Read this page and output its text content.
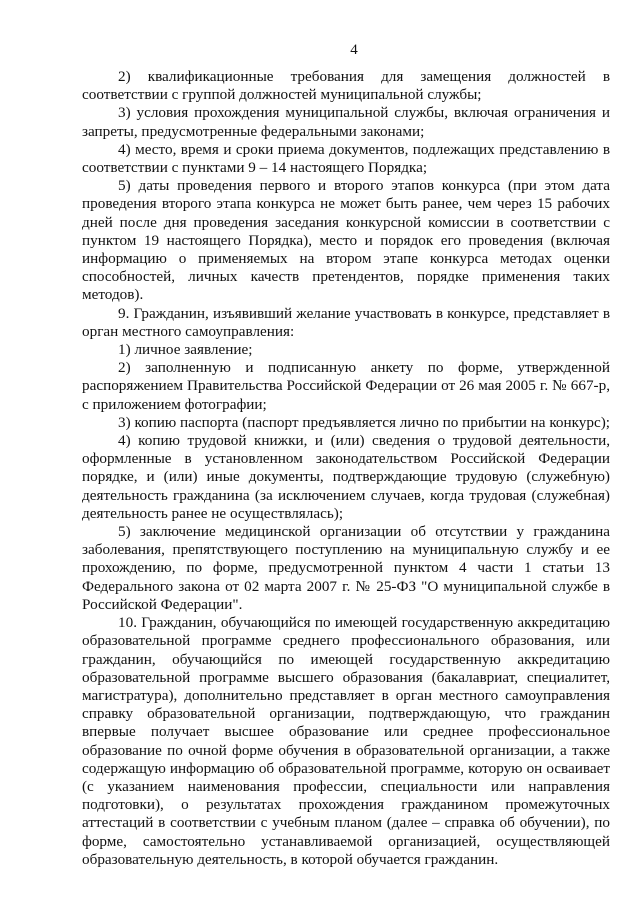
4

2) квалификационные требования для замещения должностей в соответствии с группой должностей муниципальной службы;

3) условия прохождения муниципальной службы, включая ограничения и запреты, предусмотренные федеральными законами;

4) место, время и сроки приема документов, подлежащих представлению в соответствии с пунктами 9 – 14 настоящего Порядка;

5) даты проведения первого и второго этапов конкурса (при этом дата проведения второго этапа конкурса не может быть ранее, чем через 15 рабочих дней после дня проведения заседания конкурсной комиссии в соответствии с пунктом 19 настоящего Порядка), место и порядок его проведения (включая информацию о применяемых на втором этапе конкурса методах оценки способностей, личных качеств претендентов, порядке применения таких методов).

9. Гражданин, изъявивший желание участвовать в конкурсе, представляет в орган местного самоуправления:

1) личное заявление;

2) заполненную и подписанную анкету по форме, утвержденной распоряжением Правительства Российской Федерации от 26 мая 2005 г. № 667-р, с приложением фотографии;

3) копию паспорта (паспорт предъявляется лично по прибытии на конкурс);

4) копию трудовой книжки, и (или) сведения о трудовой деятельности, оформленные в установленном законодательством Российской Федерации порядке, и (или) иные документы, подтверждающие трудовую (служебную) деятельность гражданина (за исключением случаев, когда трудовая (служебная) деятельность ранее не осуществлялась);

5) заключение медицинской организации об отсутствии у гражданина заболевания, препятствующего поступлению на муниципальную службу и ее прохождению, по форме, предусмотренной пунктом 4 части 1 статьи 13 Федерального закона от 02 марта 2007 г. № 25-ФЗ "О муниципальной службе в Российской Федерации".

10. Гражданин, обучающийся по имеющей государственную аккредитацию образовательной программе среднего профессионального образования, или гражданин, обучающийся по имеющей государственную аккредитацию образовательной программе высшего образования (бакалавриат, специалитет, магистратура), дополнительно представляет в орган местного самоуправления справку образовательной организации, подтверждающую, что гражданин впервые получает высшее образование или среднее профессиональное образование по очной форме обучения в образовательной организации, а также содержащую информацию об образовательной программе, которую он осваивает (с указанием наименования профессии, специальности или направления подготовки), о результатах прохождения гражданином промежуточных аттестаций в соответствии с учебным планом (далее – справка об обучении), по форме, самостоятельно устанавливаемой организацией, осуществляющей образовательную деятельность, в которой обучается гражданин.
